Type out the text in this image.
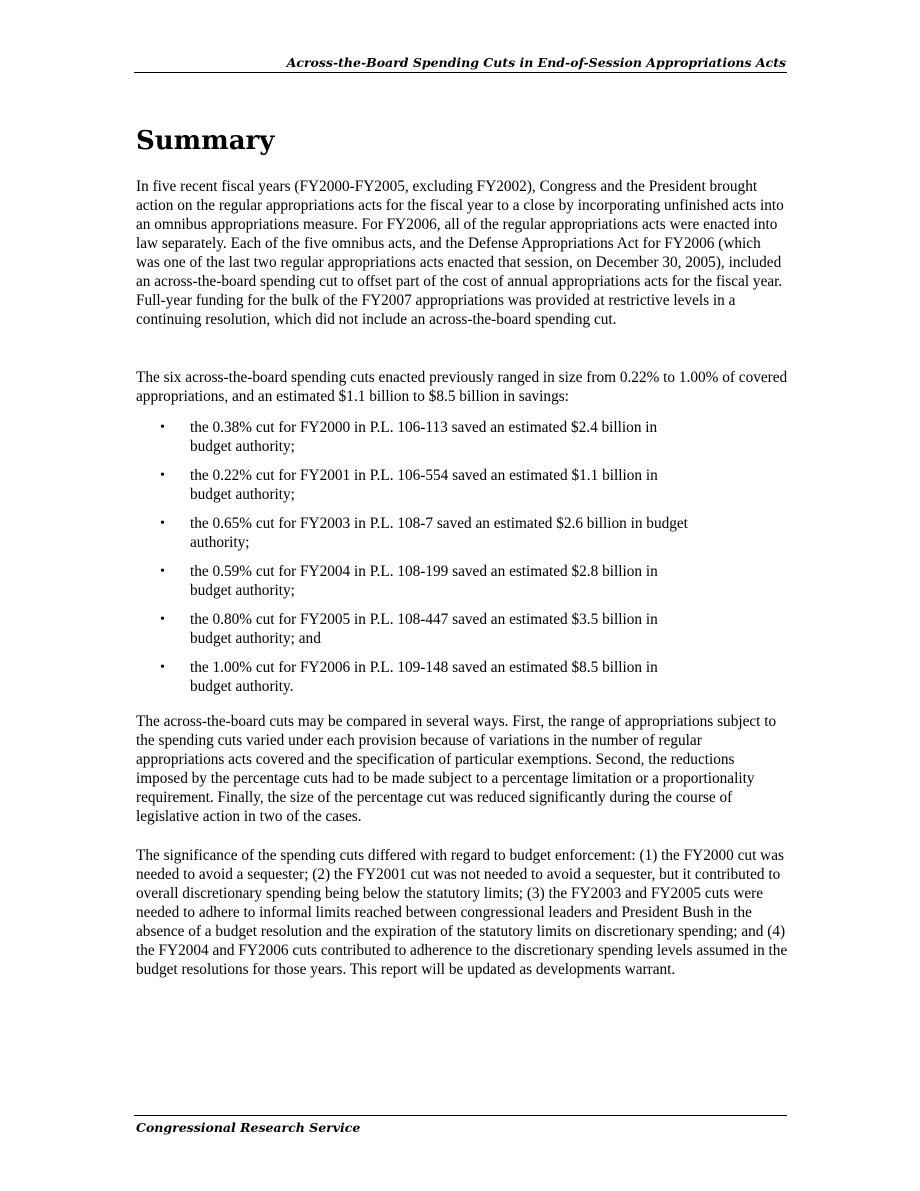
Across-the-Board Spending Cuts in End-of-Session Appropriations Acts
Summary

In five recent fiscal years (FY2000-FY2005, excluding FY2002), Congress and the President brought action on the regular appropriations acts for the fiscal year to a close by incorporating unfinished acts into an omnibus appropriations measure. For FY2006, all of the regular appropriations acts were enacted into law separately. Each of the five omnibus acts, and the Defense Appropriations Act for FY2006 (which was one of the last two regular appropriations acts enacted that session, on December 30, 2005), included an across-the-board spending cut to offset part of the cost of annual appropriations acts for the fiscal year. Full-year funding for the bulk of the FY2007 appropriations was provided at restrictive levels in a continuing resolution, which did not include an across-the-board spending cut.

The six across-the-board spending cuts enacted previously ranged in size from 0.22% to 1.00% of covered appropriations, and an estimated $1.1 billion to $8.5 billion in savings:

• the 0.38% cut for FY2000 in P.L. 106-113 saved an estimated $2.4 billion in
budget authority;
• the 0.22% cut for FY2001 in P.L. 106-554 saved an estimated $1.1 billion in
budget authority;
• the 0.65% cut for FY2003 in P.L. 108-7 saved an estimated $2.6 billion in budget
authority;
• the 0.59% cut for FY2004 in P.L. 108-199 saved an estimated $2.8 billion in
budget authority;
• the 0.80% cut for FY2005 in P.L. 108-447 saved an estimated $3.5 billion in
budget authority; and
• the 1.00% cut for FY2006 in P.L. 109-148 saved an estimated $8.5 billion in
budget authority.

The across-the-board cuts may be compared in several ways. First, the range of appropriations subject to the spending cuts varied under each provision because of variations in the number of regular appropriations acts covered and the specification of particular exemptions. Second, the reductions imposed by the percentage cuts had to be made subject to a percentage limitation or a proportionality requirement. Finally, the size of the percentage cut was reduced significantly during the course of legislative action in two of the cases.

The significance of the spending cuts differed with regard to budget enforcement: (1) the FY2000 cut was needed to avoid a sequester; (2) the FY2001 cut was not needed to avoid a sequester, but it contributed to overall discretionary spending being below the statutory limits; (3) the FY2003 and FY2005 cuts were needed to adhere to informal limits reached between congressional leaders and President Bush in the absence of a budget resolution and the expiration of the statutory limits on discretionary spending; and (4) the FY2004 and FY2006 cuts contributed to adherence to the discretionary spending levels assumed in the budget resolutions for those years. This report will be updated as developments warrant.

Congressional Research Service
